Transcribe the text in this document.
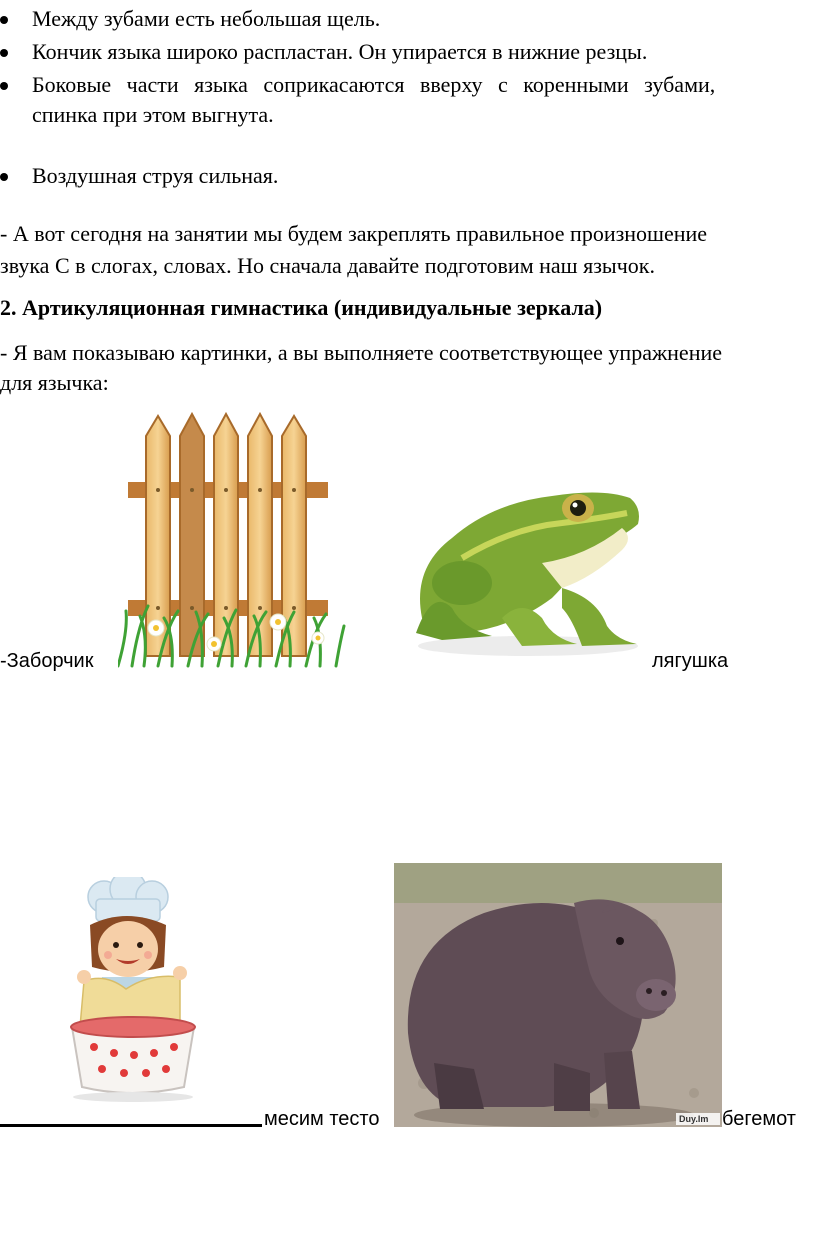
Между зубами есть небольшая щель.
Кончик языка широко распластан. Он упирается в нижние резцы.
Боковые части языка соприкасаются вверху с коренными зубами,
спинка при этом выгнута.
Воздушная струя сильная.
- А вот сегодня на занятии мы будем закреплять правильное произношение
звука С в слогах, словах. Но сначала давайте подготовим наш язычок.
2. Артикуляционная гимнастика (индивидуальные зеркала)
- Я вам показываю картинки, а вы выполняете соответствующее упражнение
для язычка:
-Заборчик	лягушка
Duy.Im
месим тесто	бегемот
